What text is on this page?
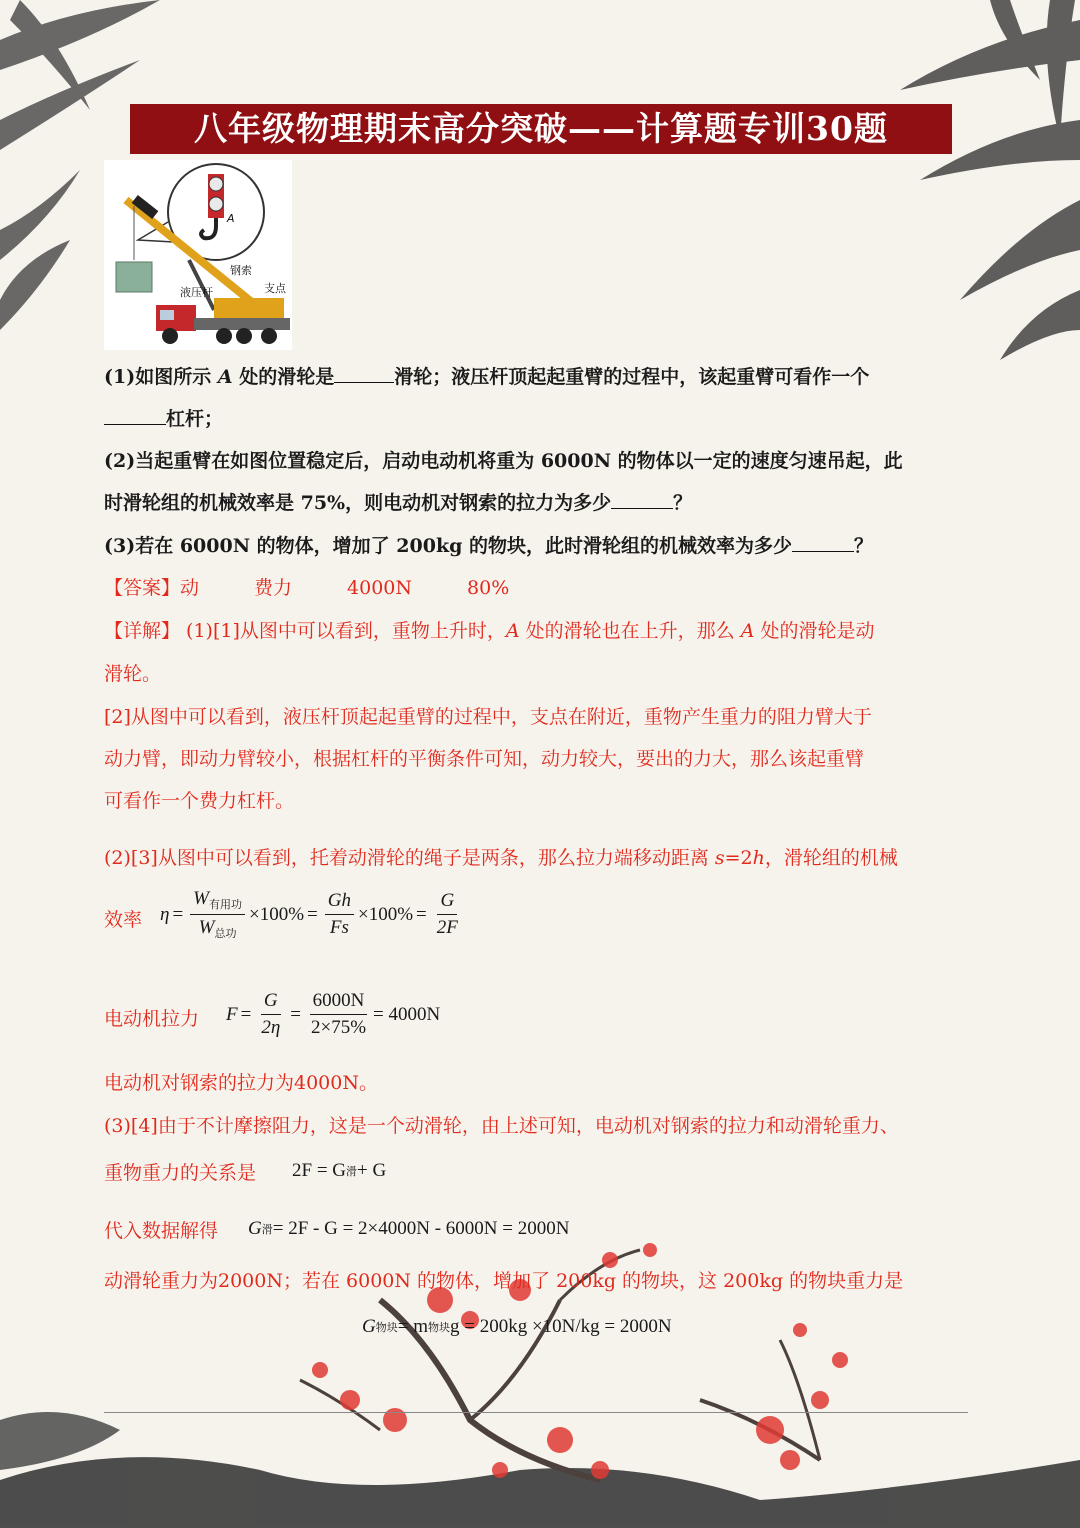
八年级物理期末高分突破——计算题专训30题
A
钢索
支点
液压杆
(1)如图所示 A 处的滑轮是	滑轮；液压杆顶起起重臂的过程中，该起重臂可看作一个
杠杆；
(2)当起重臂在如图位置稳定后，启动电动机将重为 6000N 的物体以一定的速度匀速吊起，此
时滑轮组的机械效率是 75%，则电动机对钢索的拉力为多少	？
(3)若在 6000N 的物体，增加了 200kg 的物块，此时滑轮组的机械效率为多少	？
【答案】动	费力	4000N	80%
【详解】 (1)[1]从图中可以看到，重物上升时，A 处的滑轮也在上升，那么 A 处的滑轮是动
滑轮。
[2]从图中可以看到，液压杆顶起起重臂的过程中，支点在附近，重物产生重力的阻力臂大于
动力臂，即动力臂较小，根据杠杆的平衡条件可知，动力较大，要出的力大，那么该起重臂
可看作一个费力杠杆。
(2)[3]从图中可以看到，托着动滑轮的绳子是两条，那么拉力端移动距离 s=2h，滑轮组的机械
效率 $\eta = \frac{W_{有用功}}{W_{总功}} \times 100\% = \frac{Gh}{Fs} \times 100\% = \frac{G}{2F}$
电动机拉力 $F = \frac{G}{2\eta} = \frac{6000N}{2\times 75\%} = 4000N$
电动机对钢索的拉力为4000N。
(3)[4]由于不计摩擦阻力，这是一个动滑轮，由上述可知，电动机对钢索的拉力和动滑轮重力、
重物重力的关系是 2F = G 滑 + G
代入数据解得 G 滑 = 2F - G = 2×4000N - 6000N = 2000N
动滑轮重力为2000N；若在 6000N 的物体，增加了 200kg 的物块，这 200kg 的物块重力是
G 物块 = m 物块 g = 200kg ×10N/kg = 2000N
